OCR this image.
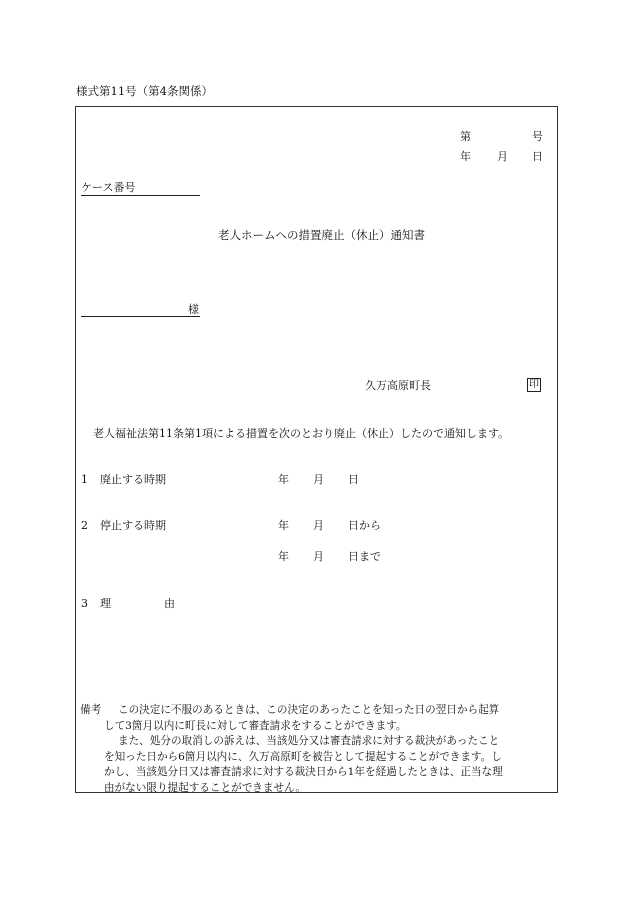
様式第11号（第4条関係）
第	号
年 月 日
ケース番号
老人ホームへの措置廃止（休止）通知書
様
久万高原町長	印
老人福祉法第11条第1項による措置を次のとおり廃止（休止）したので通知します。
1 廃止する時期	年 月 日
2 停止する時期	年 月 日から
年 月 日まで
3 理	由

備考 この決定に不服のあるときは、この決定のあったことを知った日の翌日から起算

して3箇月以内に町長に対して審査請求をすることができます。

また、処分の取消しの訴えは、当該処分又は審査請求に対する裁決があったこと

を知った日から6箇月以内に、久万高原町を被告として提起することができます。し

かし、当該処分日又は審査請求に対する裁決日から1年を経過したときは、正当な理

由がない限り提起することができません。
